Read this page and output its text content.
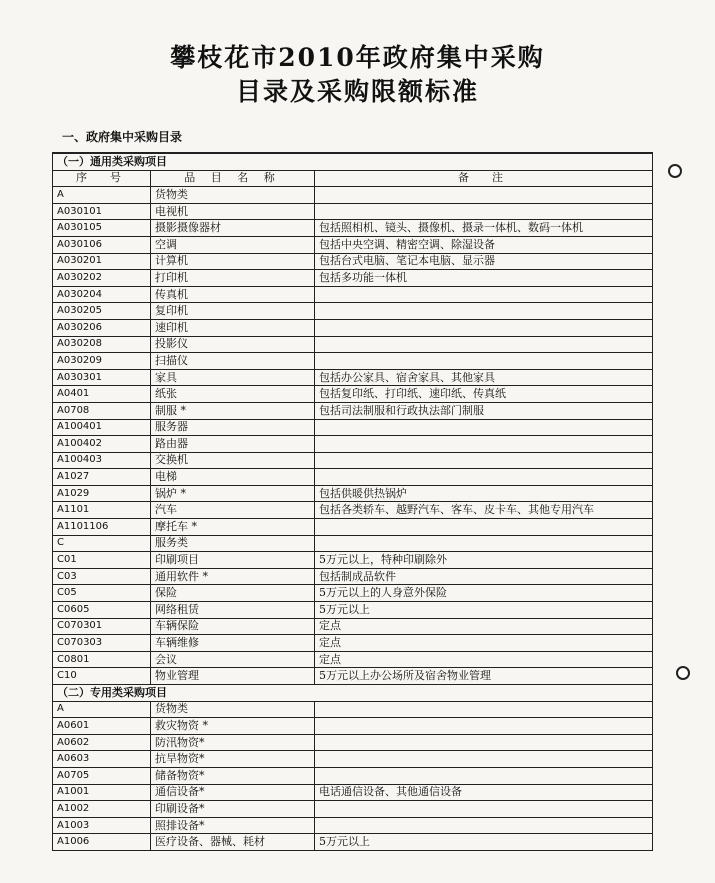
攀枝花市2010年政府集中采购
目录及采购限额标准
一、政府集中采购目录
（一）通用类采购项目		
序　号	品 目 名 称	备　注
A	货物类	
A030101	电视机	
A030105	摄影摄像器材	包括照相机、镜头、摄像机、摄录一体机、数码一体机
A030106	空调	包括中央空调、精密空调、除湿设备
A030201	计算机	包括台式电脑、笔记本电脑、显示器
A030202	打印机	包括多功能一体机
A030204	传真机	
A030205	复印机	
A030206	速印机	
A030208	投影仪	
A030209	扫描仪	
A030301	家具	包括办公家具、宿舍家具、其他家具
A0401	纸张	包括复印纸、打印纸、速印纸、传真纸
A0708	制服 *	包括司法制服和行政执法部门制服
A100401	服务器	
A100402	路由器	
A100403	交换机	
A1027	电梯	
A1029	锅炉 *	包括供暖供热锅炉
A1101	汽车	包括各类轿车、越野汽车、客车、皮卡车、其他专用汽车
A1101106	摩托车 *	
C	服务类	
C01	印刷项目	5万元以上，特种印刷除外
C03	通用软件 *	包括制成品软件
C05	保险	5万元以上的人身意外保险
C0605	网络租赁	5万元以上
C070301	车辆保险	定点
C070303	车辆维修	定点
C0801	会议	定点
C10	物业管理	5万元以上办公场所及宿舍物业管理
（二）专用类采购项目		
A	货物类	
A0601	救灾物资 *	
A0602	防汛物资*	
A0603	抗旱物资*	
A0705	储备物资*	
A1001	通信设备*	电话通信设备、其他通信设备
A1002	印刷设备*	
A1003	照排设备*	
A1006	医疗设备、器械、耗材	5万元以上
